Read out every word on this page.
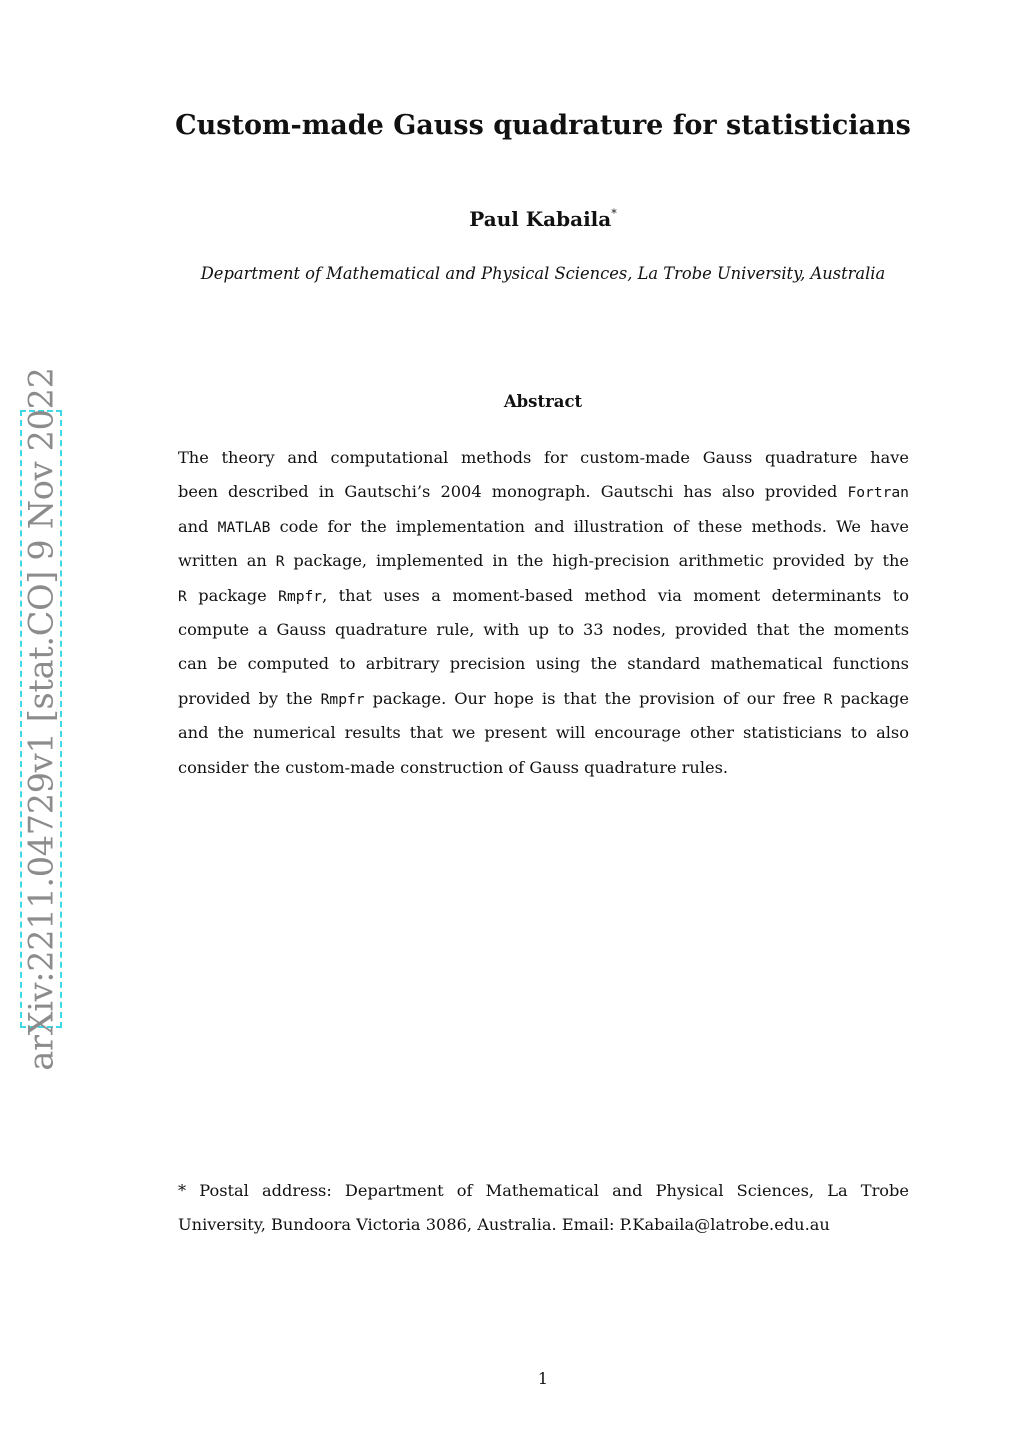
Custom-made Gauss quadrature for statisticians
Paul Kabaila*
Department of Mathematical and Physical Sciences, La Trobe University, Australia
Abstract
The theory and computational methods for custom-made Gauss quadrature have
been described in Gautschi’s 2004 monograph. Gautschi has also provided Fortran
and MATLAB code for the implementation and illustration of these methods. We have
written an R package, implemented in the high-precision arithmetic provided by the
R package Rmpfr, that uses a moment-based method via moment determinants to
compute a Gauss quadrature rule, with up to 33 nodes, provided that the moments
can be computed to arbitrary precision using the standard mathematical functions
provided by the Rmpfr package. Our hope is that the provision of our free R package
and the numerical results that we present will encourage other statisticians to also
consider the custom-made construction of Gauss quadrature rules.
* Postal address: Department of Mathematical and Physical Sciences, La Trobe
University, Bundoora Victoria 3086, Australia. Email: P.Kabaila@latrobe.edu.au
1
arXiv:2211.04729v1 [stat.CO] 9 Nov 2022
